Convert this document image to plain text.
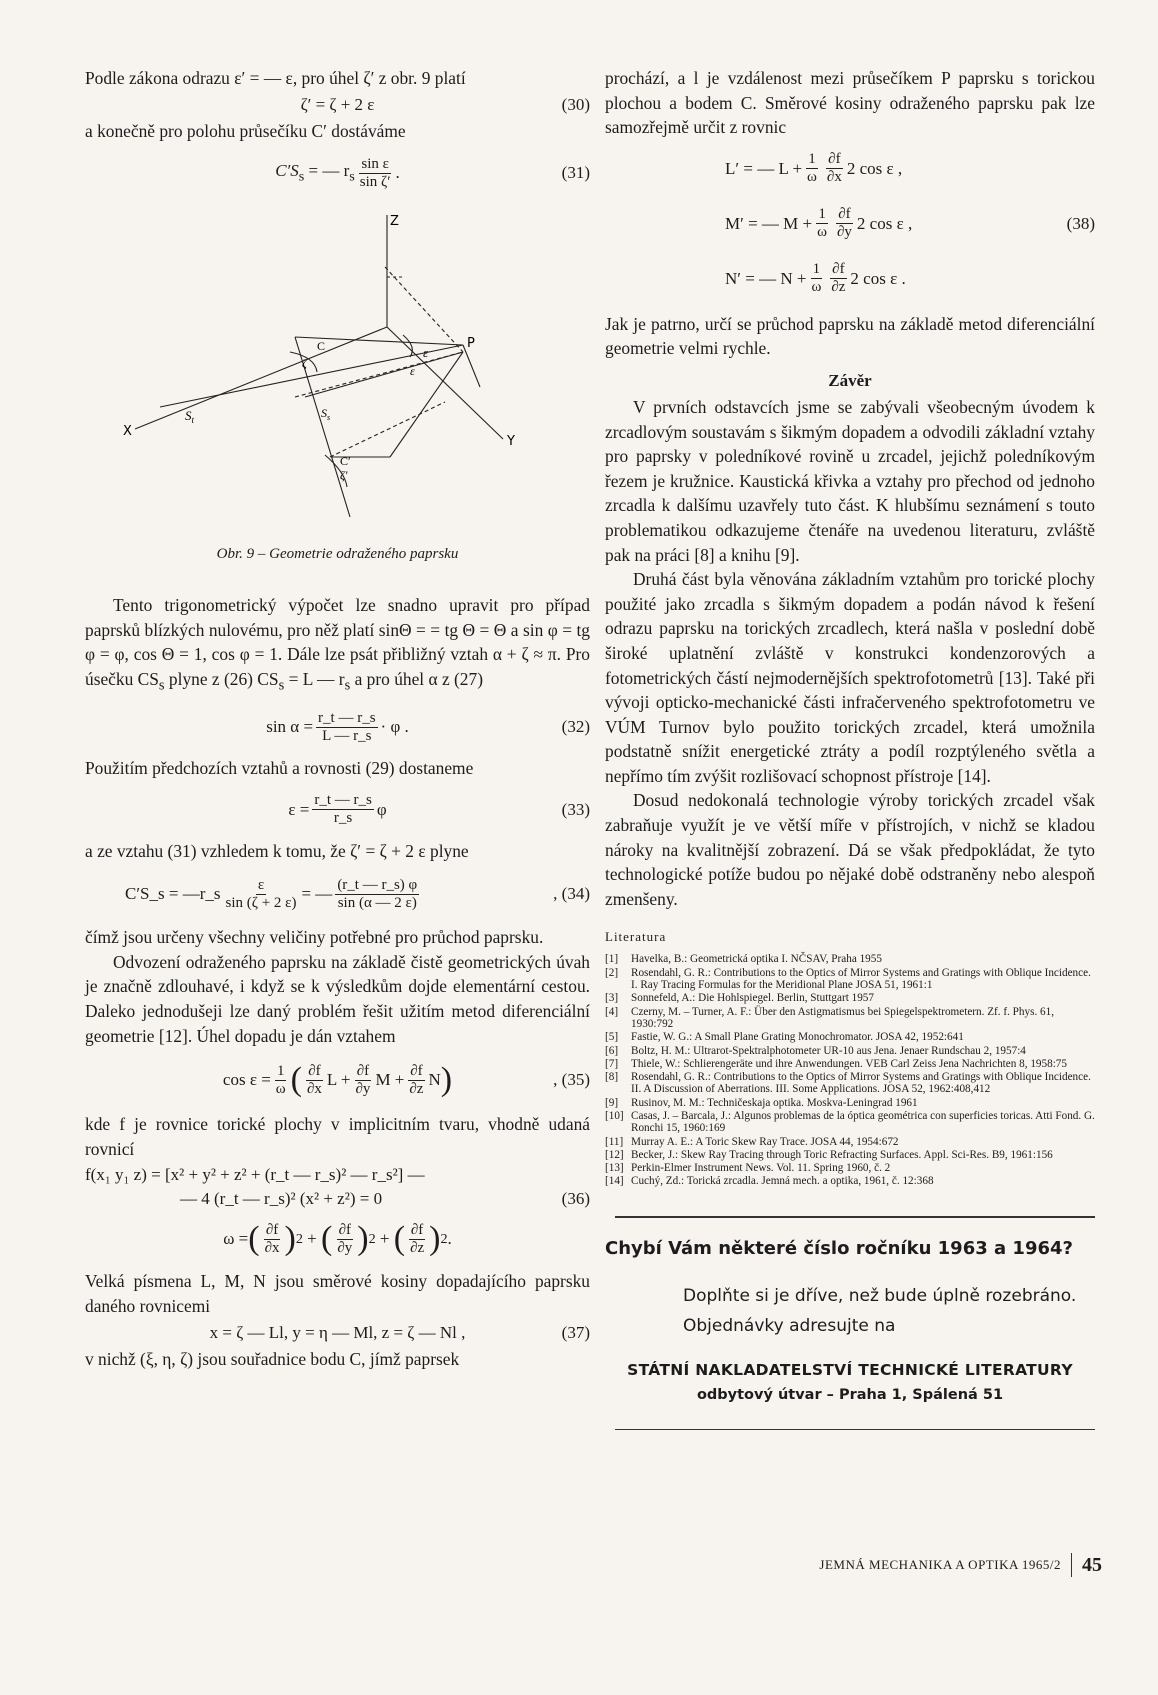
Podle zákona odrazu ε′ = — ε, pro úhel ζ′ z obr. 9 platí

ζ′ = ζ + 2 ε	(30)

a konečně pro polohu průsečíku C′ dostáváme

$C'S_s$ = — $r_s \frac{\text{sin ε}}{\text{sin ζ′}}$ .	(31)
Z
X
Y
P
$S_t$	$S_s$
C
C′
ε
ε
ζ
ζ′
Obr. 9 – Geometrie odraženého paprsku

Tento trigonometrický výpočet lze snadno upravit pro případ paprsků blízkých nulovému, pro něž platí sinΘ = = tg Θ = Θ a sin φ = tg φ = φ, cos Θ = 1, cos φ = 1. Dále lze psát přibližný vztah α + ζ ≈ π. Pro úsečku $CS_s$ plyne z (26) $CS_s = L$ — $r_s$ a pro úhel α z (27)

$\sin \alpha = \frac{r\_t — r\_s}{L — r\_s} \cdot \varphi$ .	(32)

Použitím předchozích vztahů a rovnosti (29) dostaneme

$\varepsilon = \frac{r\_t — r\_s}{r\_s}$ φ	(33)

a ze vztahu (31) vzhledem k tomu, že ζ′ = ζ + 2 ε plyne

C′S_s = —r_s $\frac{\varepsilon}{\sin (\zeta + 2 \varepsilon)}$ = — $\frac{(r\_t — r\_s) \varphi}{\sin (\alpha — 2 \varepsilon)}$	, (34)

čímž jsou určeny všechny veličiny potřebné pro průchod paprsku.

Odvození odraženého paprsku na základě čistě geometrických úvah je značně zdlouhavé, i když se k výsledkům dojde elementární cestou. Daleko jednodušeji lze daný problém řešit užitím metod diferenciální geometrie [12]. Úhel dopadu je dán vztahem

$\cos \varepsilon = \frac{1}{\omega}$ ( $\frac{\partial f}{\partial x}$ $L + \frac{\partial f}{\partial y}$ $M + \frac{\partial f}{\partial z}$ N )	, (35)

kde f je rovnice torické plochy v implicitním tvaru, vhodně udaná rovnicí

f(x₁ y₁ z) = [x² + y² + z² + (r_t — r_s)² — r_s²] —
— 4 (r_t — r_s)² (x² + z²) = 0	(36)
ω = ( $\frac{\partial f}{\partial x}$ ) 2 + ( $\frac{\partial f}{\partial y}$ ) 2 + ( $\frac{\partial f}{\partial z}$ ) 2 .

Velká písmena L, M, N jsou směrové kosiny dopadajícího paprsku daného rovnicemi

x = ζ — Ll, y = η — Ml, z = ζ — Nl ,	(37)

v nichž (ξ, η, ζ) jsou souřadnice bodu C, jímž paprsek

prochází, a l je vzdálenost mezi průsečíkem P paprsku s torickou plochou a bodem C. Směrové kosiny odraženého paprsku pak lze samozřejmě určit z rovnic

L′ = — $L + \frac{1}{\omega} \frac{\partial f}{\partial x} 2$ cos ε ,
M′ = — $M + \frac{1}{\omega} \frac{\partial f}{\partial y} 2$ cos ε ,	(38)
N′ = — $N + \frac{1}{\omega} \frac{\partial f}{\partial z} 2$ cos ε .

Jak je patrno, určí se průchod paprsku na základě metod diferenciální geometrie velmi rychle.

Závěr

V prvních odstavcích jsme se zabývali všeobecným úvodem k zrcadlovým soustavám s šikmým dopadem a odvodili základní vztahy pro paprsky v poledníkové rovině u zrcadel, jejichž poledníkovým řezem je kružnice. Kaustická křivka a vztahy pro přechod od jednoho zrcadla k dalšímu uzavřely tuto část. K hlubšímu seznámení s touto problematikou odkazujeme čtenáře na uvedenou literaturu, zvláště pak na práci [8] a knihu [9].

Druhá část byla věnována základním vztahům pro torické plochy použité jako zrcadla s šikmým dopadem a podán návod k řešení odrazu paprsku na torických zrcadlech, která našla v poslední době široké uplatnění zvláště v konstrukci kondenzorových a fotometrických částí nejmodernějších spektrofotometrů [13]. Také při vývoji opticko-mechanické části infračerveného spektrofotometru ve VÚM Turnov bylo použito torických zrcadel, která umožnila podstatně snížit energetické ztráty a podíl rozptýleného světla a nepřímo tím zvýšit rozlišovací schopnost přístroje [14].

Dosud nedokonalá technologie výroby torických zrcadel však zabraňuje využít je ve větší míře v přístrojích, v nichž se kladou nároky na kvalitnější zobrazení. Dá se však předpokládat, že tyto technologické potíže budou po nějaké době odstraněny nebo alespoň zmenšeny.

Literatura
[1] Havelka, B.: Geometrická optika I. NČSAV, Praha 1955
[2] Rosendahl, G. R.: Contributions to the Optics of Mirror Systems and Gratings with Oblique Incidence. I. Ray Tracing Formulas for the Meridional Plane JOSA 51, 1961:1
[3] Sonnefeld, A.: Die Hohlspiegel. Berlin, Stuttgart 1957
[4] Czerny, M. – Turner, A. F.: Über den Astigmatismus bei Spiegelspektrometern. Zf. f. Phys. 61, 1930:792
[5] Fastie, W. G.: A Small Plane Grating Monochromator. JOSA 42, 1952:641
[6] Boltz, H. M.: Ultrarot-Spektralphotometer UR-10 aus Jena. Jenaer Rundschau 2, 1957:4
[7] Thiele, W.: Schlierengeräte und ihre Anwendungen. VEB Carl Zeiss Jena Nachrichten 8, 1958:75
[8] Rosendahl, G. R.: Contributions to the Optics of Mirror Systems and Gratings with Oblique Incidence. II. A Discussion of Aberrations. III. Some Applications. JOSA 52, 1962:408,412
[9] Rusinov, M. M.: Techničeskaja optika. Moskva-Leningrad 1961
[10] Casas, J. – Barcala, J.: Algunos problemas de la óptica geométrica con superficies toricas. Atti Fond. G. Ronchi 15, 1960:169
[11] Murray A. E.: A Toric Skew Ray Trace. JOSA 44, 1954:672
[12] Becker, J.: Skew Ray Tracing through Toric Refracting Surfaces. Appl. Sci-Res. B9, 1961:156
[13] Perkin-Elmer Instrument News. Vol. 11. Spring 1960, č. 2
[14] Cuchý, Zd.: Torická zrcadla. Jemná mech. a optika, 1961, č. 12:368
Chybí Vám některé číslo ročníku 1963 a 1964?
Doplňte si je dříve, než bude úplně rozebráno.
Objednávky adresujte na
STÁTNÍ NAKLADATELSTVÍ TECHNICKÉ LITERATURY
odbytový útvar – Praha 1, Spálená 51
JEMNÁ MECHANIKA A OPTIKA 1965/2 45
